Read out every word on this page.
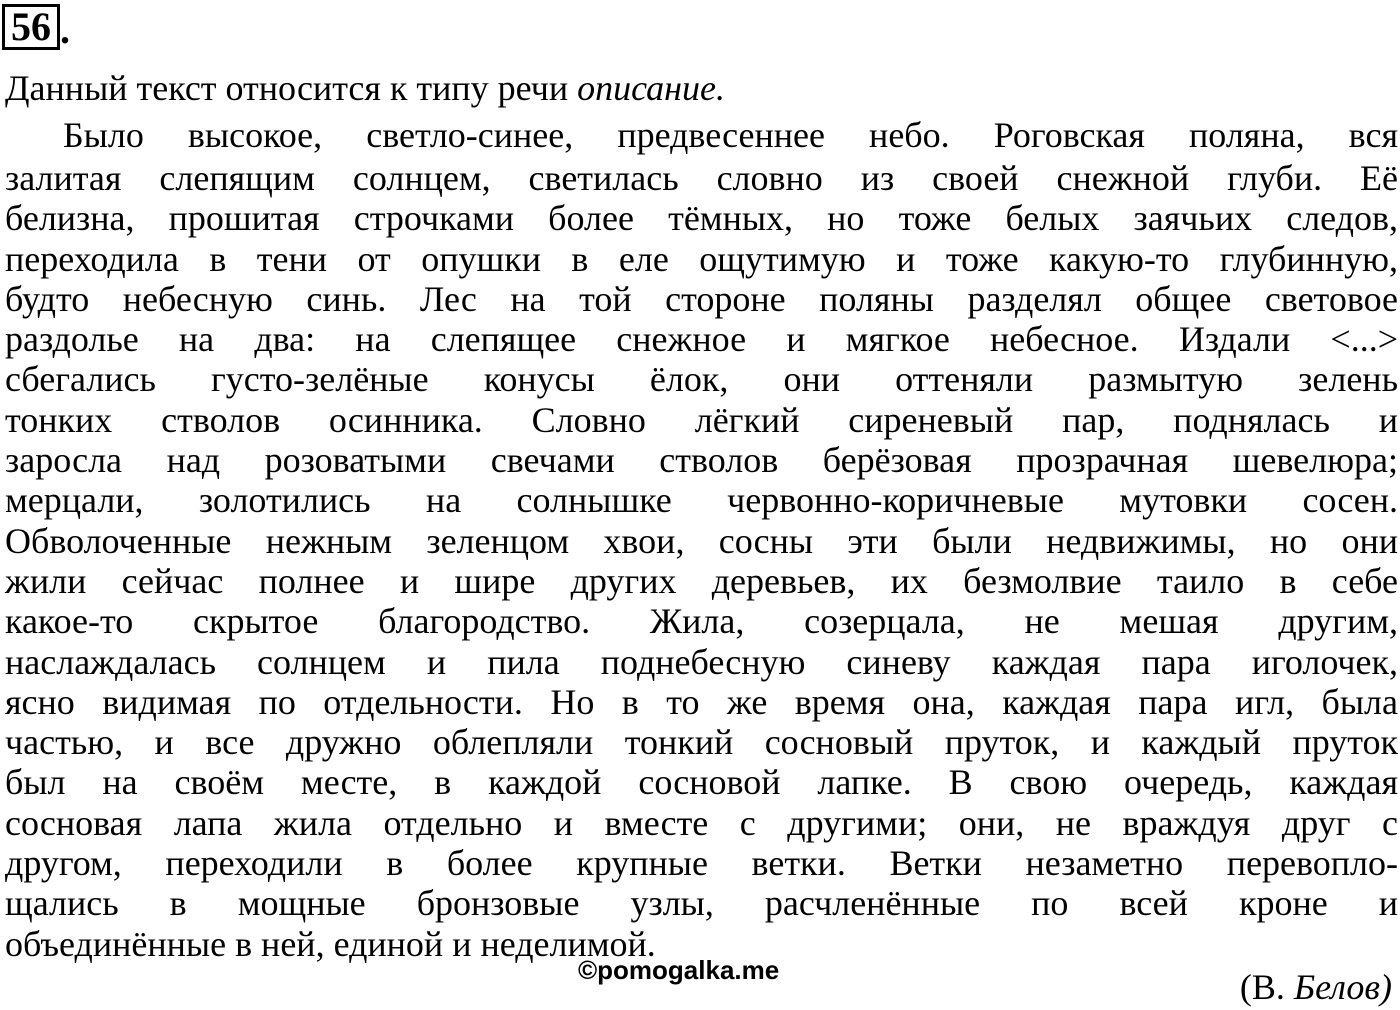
56 .
Данный текст относится к типу речи описание.
Было высокое, светло-синее, предвесеннее небо. Роговская поляна, вся
залитая слепящим солнцем, светилась словно из своей снежной глуби. Её
белизна, прошитая строчками более тёмных, но тоже белых заячьих следов,
переходила в тени от опушки в еле ощутимую и тоже какую-то глубинную,
будто небесную синь. Лес на той стороне поляны разделял общее световое
раздолье на два: на слепящее снежное и мягкое небесное. Издали <...>
сбегались густо-зелёные конусы ёлок, они оттеняли размытую зелень
тонких стволов осинника. Словно лёгкий сиреневый пар, поднялась и
заросла над розоватыми свечами стволов берёзовая прозрачная шевелюра;
мерцали, золотились на солнышке червонно-коричневые мутовки сосен.
Обволоченные нежным зеленцом хвои, сосны эти были недвижимы, но они
жили сейчас полнее и шире других деревьев, их безмолвие таило в себе
какое-то скрытое благородство. Жила, созерцала, не мешая другим,
наслаждалась солнцем и пила поднебесную синеву каждая пара иголочек,
ясно видимая по отдельности. Но в то же время она, каждая пара игл, была
частью, и все дружно облепляли тонкий сосновый пруток, и каждый пруток
был на своём месте, в каждой сосновой лапке. В свою очередь, каждая
сосновая лапа жила отдельно и вместе с другими; они, не враждуя друг с
другом, переходили в более крупные ветки. Ветки незаметно перевопло-
щались в мощные бронзовые узлы, расчленённые по всей кроне и
объединённые в ней, единой и неделимой.
©pomogalka.me	(В. Белов)
